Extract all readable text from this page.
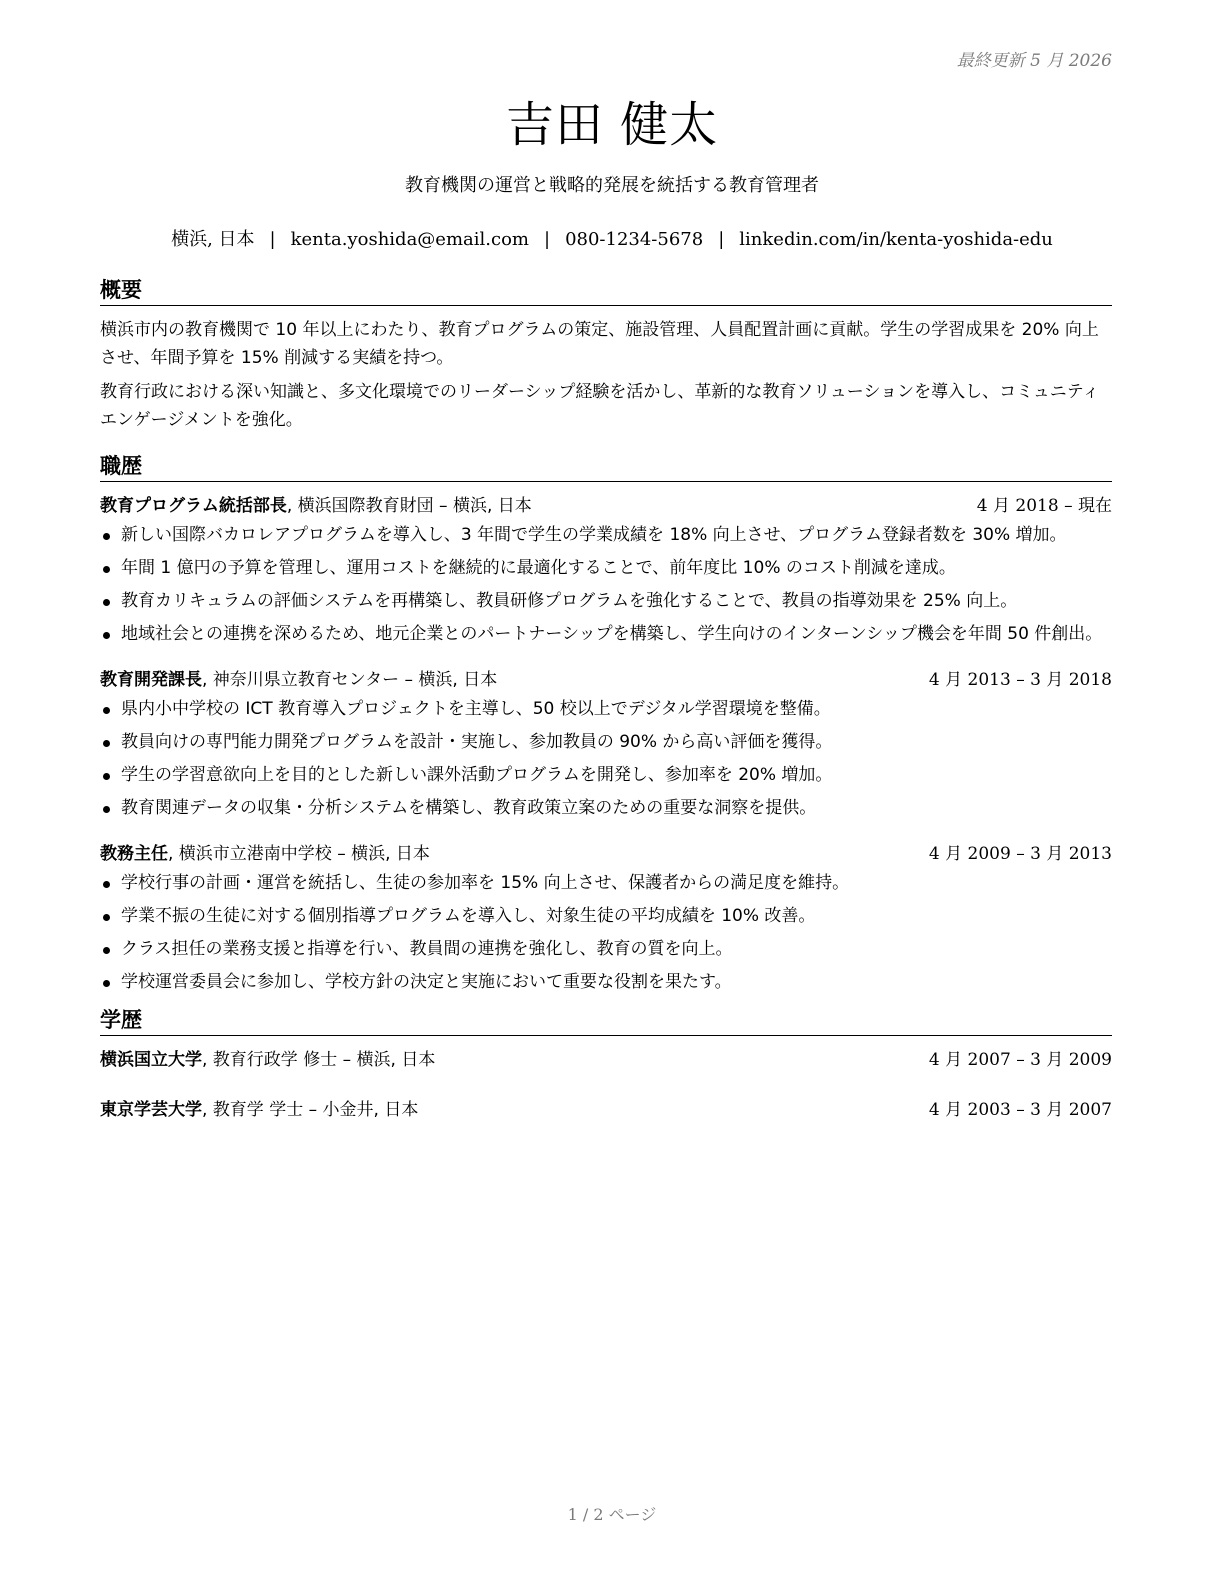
最終更新 5 月 2026
吉田 健太
教育機関の運営と戦略的発展を統括する教育管理者
横浜, 日本 | kenta.yoshida@email.com | 080-1234-5678 | linkedin.com/in/kenta-yoshida-edu
概要

横浜市内の教育機関で 10 年以上にわたり、教育プログラムの策定、施設管理、人員配置計画に貢献。学生の学習成果を 20% 向上させ、年間予算を 15% 削減する実績を持つ。

教育行政における深い知識と、多文化環境でのリーダーシップ経験を活かし、革新的な教育ソリューションを導入し、コミュニティエンゲージメントを強化。

職歴
教育プログラム統括部長, 横浜国際教育財団 – 横浜, 日本	4 月 2018 – 現在
新しい国際バカロレアプログラムを導入し、3 年間で学生の学業成績を 18% 向上させ、プログラム登録者数を 30% 増加。
年間 1 億円の予算を管理し、運用コストを継続的に最適化することで、前年度比 10% のコスト削減を達成。
教育カリキュラムの評価システムを再構築し、教員研修プログラムを強化することで、教員の指導効果を 25% 向上。
地域社会との連携を深めるため、地元企業とのパートナーシップを構築し、学生向けのインターンシップ機会を年間 50 件創出。
教育開発課長, 神奈川県立教育センター – 横浜, 日本	4 月 2013 – 3 月 2018
県内小中学校の ICT 教育導入プロジェクトを主導し、50 校以上でデジタル学習環境を整備。
教員向けの専門能力開発プログラムを設計・実施し、参加教員の 90% から高い評価を獲得。
学生の学習意欲向上を目的とした新しい課外活動プログラムを開発し、参加率を 20% 増加。
教育関連データの収集・分析システムを構築し、教育政策立案のための重要な洞察を提供。
教務主任, 横浜市立港南中学校 – 横浜, 日本	4 月 2009 – 3 月 2013
学校行事の計画・運営を統括し、生徒の参加率を 15% 向上させ、保護者からの満足度を維持。
学業不振の生徒に対する個別指導プログラムを導入し、対象生徒の平均成績を 10% 改善。
クラス担任の業務支援と指導を行い、教員間の連携を強化し、教育の質を向上。
学校運営委員会に参加し、学校方針の決定と実施において重要な役割を果たす。
学歴
横浜国立大学, 教育行政学 修士 – 横浜, 日本	4 月 2007 – 3 月 2009
東京学芸大学, 教育学 学士 – 小金井, 日本	4 月 2003 – 3 月 2007
1 / 2 ページ
